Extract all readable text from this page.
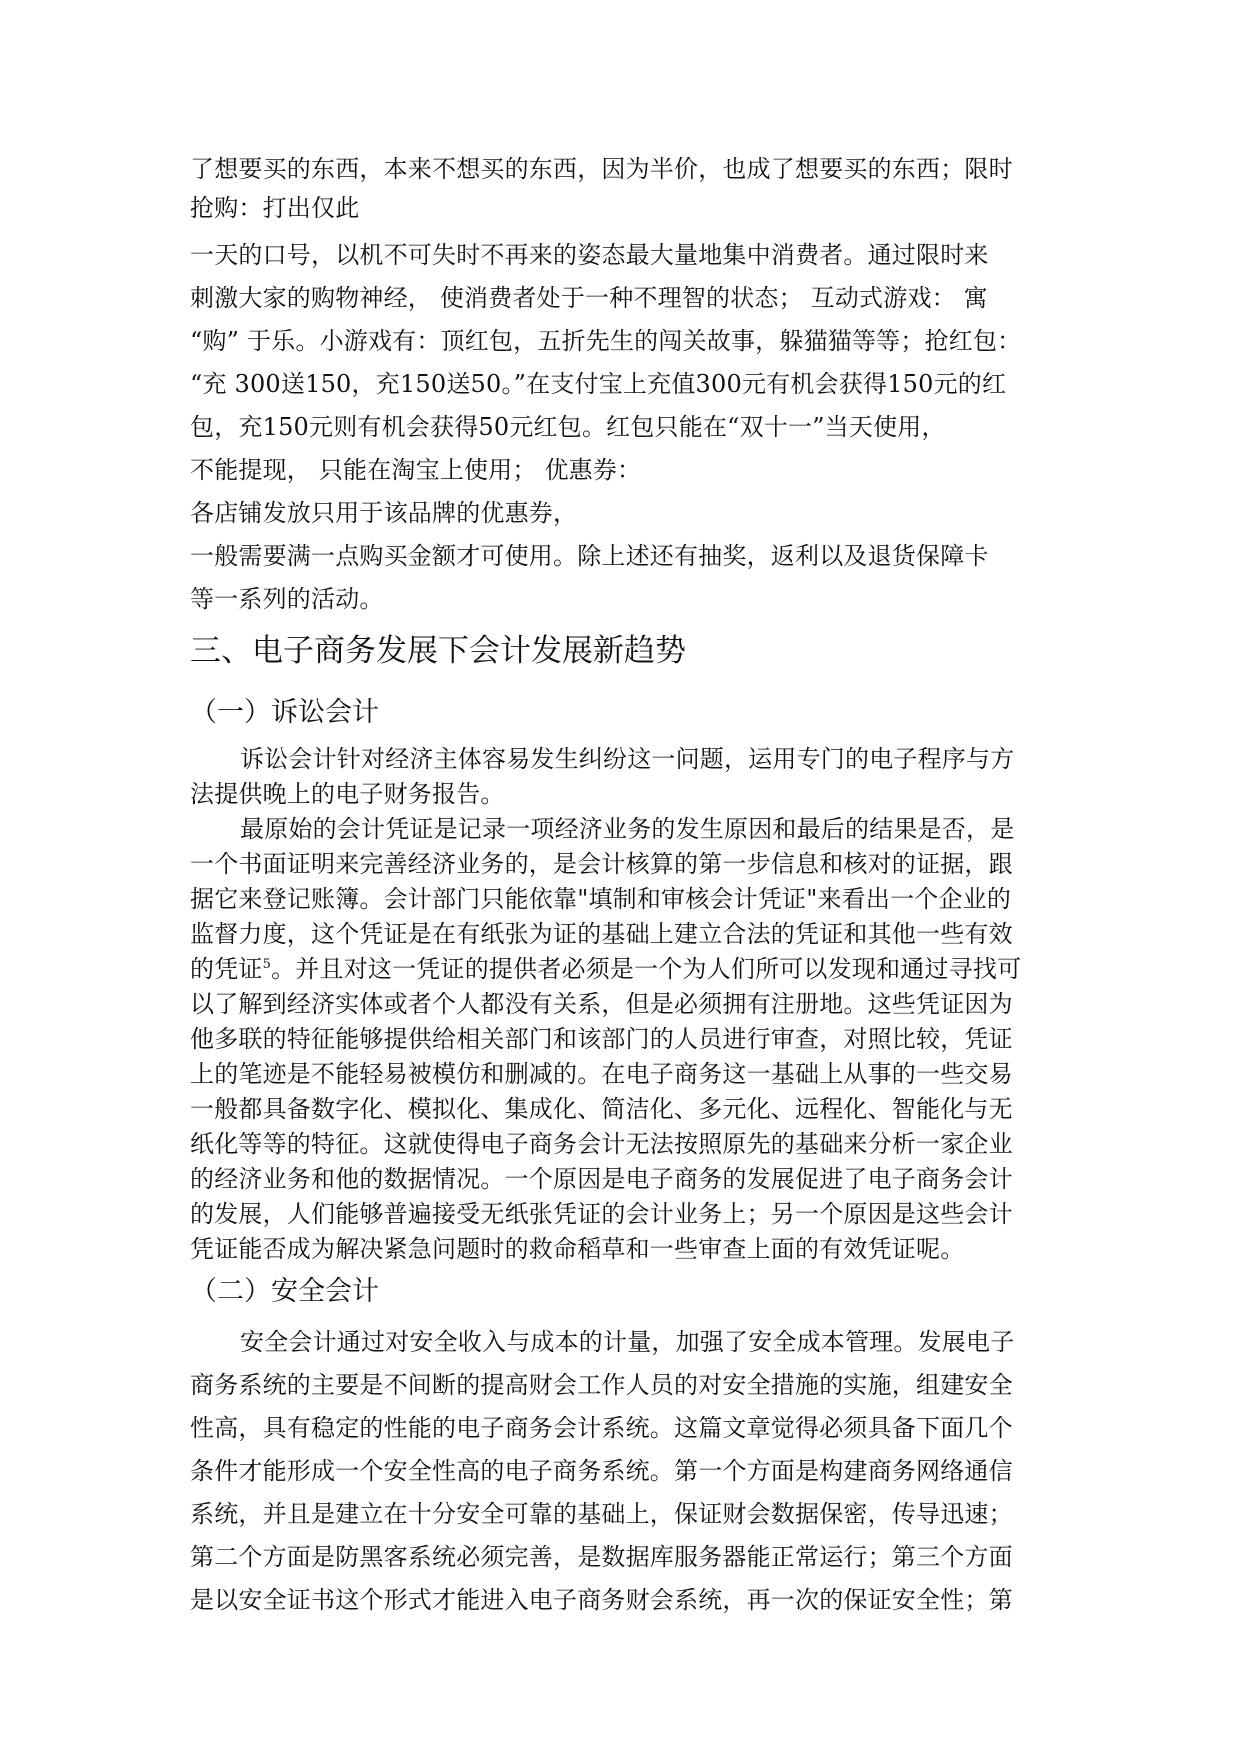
了想要买的东西，本来不想买的东西，因为半价，也成了想要买的东西；限时
抢购：打出仅此
一天的口号，以机不可失时不再来的姿态最大量地集中消费者。通过限时来
刺激大家的购物神经， 使消费者处于一种不理智的状态； 互动式游戏： 寓
“购” 于乐。小游戏有：顶红包，五折先生的闯关故事，躲猫猫等等；抢红包：
“充 300送150，充150送50。”在支付宝上充值300元有机会获得150元的红
包，充150元则有机会获得50元红包。红包只能在“双十一”当天使用，
不能提现， 只能在淘宝上使用； 优惠券：
各店铺发放只用于该品牌的优惠券，
一般需要满一点购买金额才可使用。除上述还有抽奖，返利以及退货保障卡
等一系列的活动。
三、电子商务发展下会计发展新趋势
（一）诉讼会计
诉讼会计针对经济主体容易发生纠纷这一问题，运用专门的电子程序与方
法提供晚上的电子财务报告。
最原始的会计凭证是记录一项经济业务的发生原因和最后的结果是否，是
一个书面证明来完善经济业务的，是会计核算的第一步信息和核对的证据，跟
据它来登记账簿。会计部门只能依靠"填制和审核会计凭证"来看出一个企业的
监督力度，这个凭证是在有纸张为证的基础上建立合法的凭证和其他一些有效
的凭证$^5$。并且对这一凭证的提供者必须是一个为人们所可以发现和通过寻找可
以了解到经济实体或者个人都没有关系，但是必须拥有注册地。这些凭证因为
他多联的特征能够提供给相关部门和该部门的人员进行审查，对照比较，凭证
上的笔迹是不能轻易被模仿和删减的。在电子商务这一基础上从事的一些交易
一般都具备数字化、模拟化、集成化、简洁化、多元化、远程化、智能化与无
纸化等等的特征。这就使得电子商务会计无法按照原先的基础来分析一家企业
的经济业务和他的数据情况。一个原因是电子商务的发展促进了电子商务会计
的发展，人们能够普遍接受无纸张凭证的会计业务上；另一个原因是这些会计
凭证能否成为解决紧急问题时的救命稻草和一些审查上面的有效凭证呢。
（二）安全会计
安全会计通过对安全收入与成本的计量，加强了安全成本管理。发展电子
商务系统的主要是不间断的提高财会工作人员的对安全措施的实施，组建安全
性高，具有稳定的性能的电子商务会计系统。这篇文章觉得必须具备下面几个
条件才能形成一个安全性高的电子商务系统。第一个方面是构建商务网络通信
系统，并且是建立在十分安全可靠的基础上，保证财会数据保密，传导迅速；
第二个方面是防黑客系统必须完善，是数据库服务器能正常运行；第三个方面
是以安全证书这个形式才能进入电子商务财会系统，再一次的保证安全性；第
